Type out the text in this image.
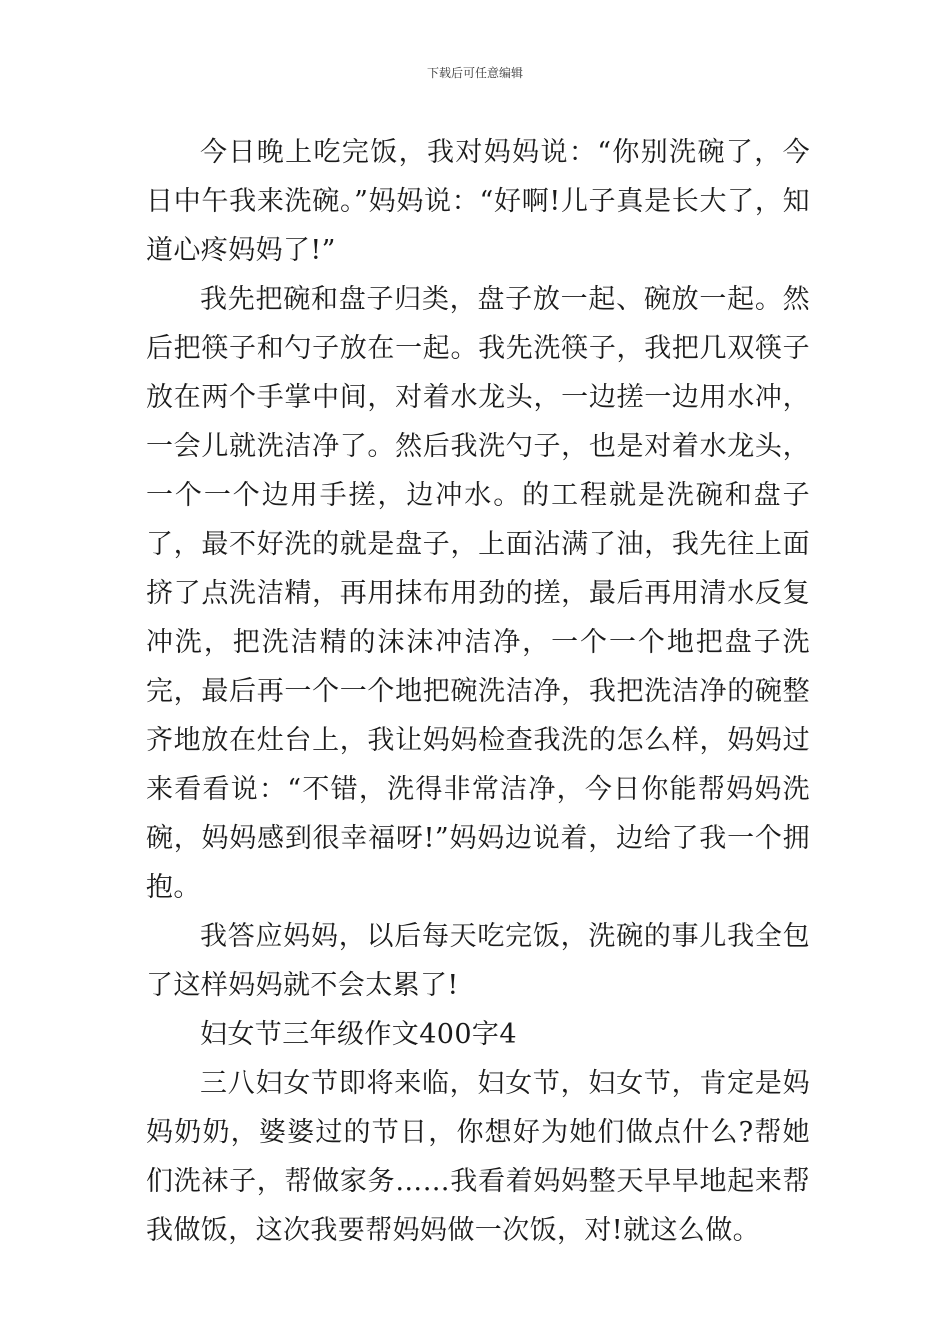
下载后可任意编辑

今日晚上吃完饭，我对妈妈说：“你别洗碗了，今日中午我来洗碗。”妈妈说：“好啊!儿子真是长大了，知道心疼妈妈了!”

我先把碗和盘子归类，盘子放一起、碗放一起。然后把筷子和勺子放在一起。我先洗筷子，我把几双筷子放在两个手掌中间，对着水龙头，一边搓一边用水冲，一会儿就洗洁净了。然后我洗勺子，也是对着水龙头，一个一个边用手搓，边冲水。的工程就是洗碗和盘子了，最不好洗的就是盘子，上面沾满了油，我先往上面挤了点洗洁精，再用抹布用劲的搓，最后再用清水反复冲洗，把洗洁精的沫沫冲洁净，一个一个地把盘子洗完，最后再一个一个地把碗洗洁净，我把洗洁净的碗整齐地放在灶台上，我让妈妈检查我洗的怎么样，妈妈过来看看说：“不错，洗得非常洁净，今日你能帮妈妈洗碗，妈妈感到很幸福呀!”妈妈边说着，边给了我一个拥抱。

我答应妈妈，以后每天吃完饭，洗碗的事儿我全包了这样妈妈就不会太累了!

妇女节三年级作文400字4

三八妇女节即将来临，妇女节，妇女节，肯定是妈妈奶奶，婆婆过的节日，你想好为她们做点什么?帮她们洗袜子，帮做家务……我看着妈妈整天早早地起来帮我做饭，这次我要帮妈妈做一次饭，对!就这么做。
